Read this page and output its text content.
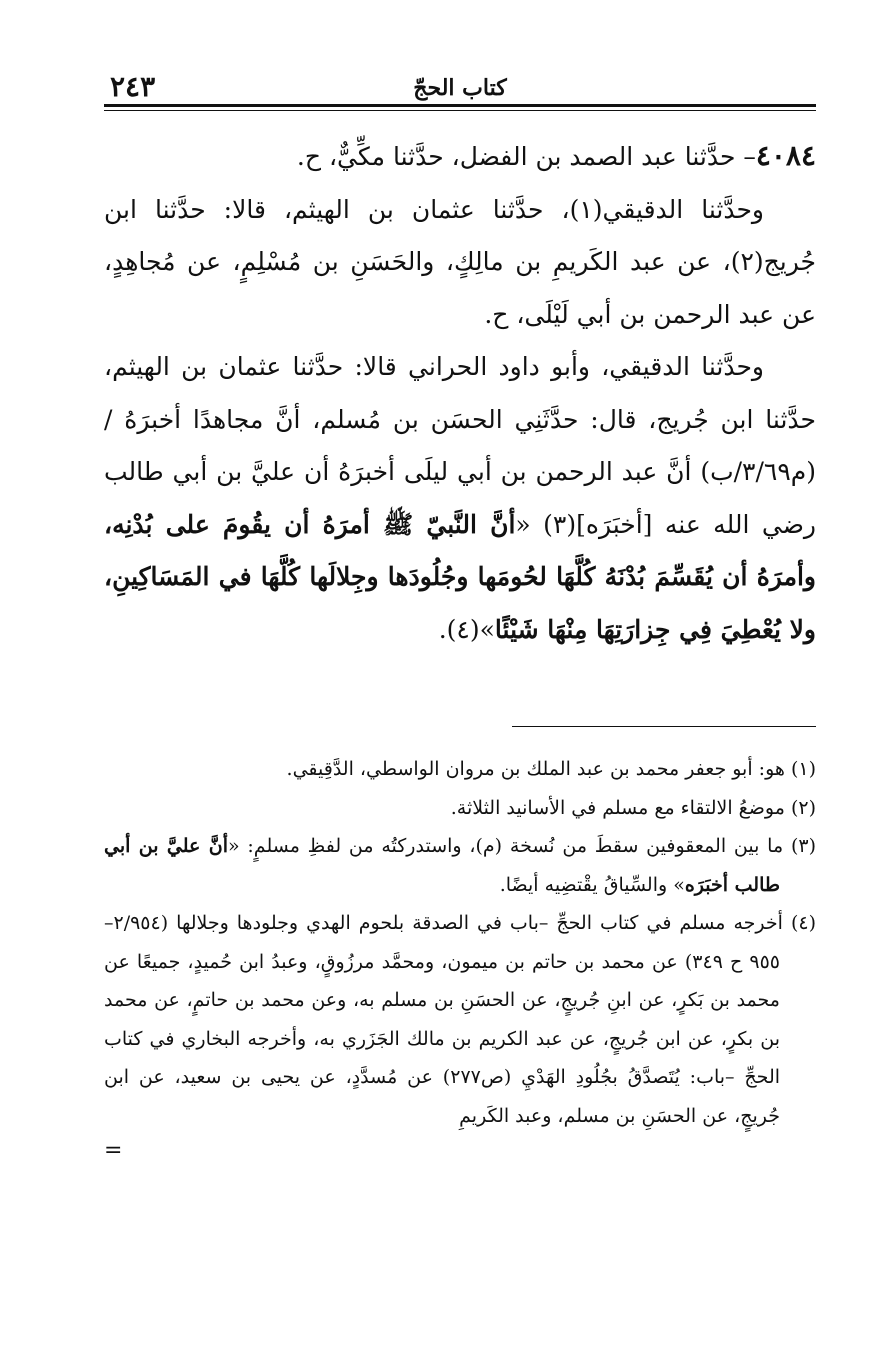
٢٤٣	كتاب الحجّ

٤٠٨٤– حدَّثنا عبد الصمد بن الفضل، حدَّثنا مكِّيٌّ، ح.

وحدَّثنا الدقيقي(١)، حدَّثنا عثمان بن الهيثم، قالا: حدَّثنا ابن جُريج(٢)، عن عبد الكَريمِ بن مالِكٍ، والحَسَنِ بن مُسْلِمٍ، عن مُجاهِدٍ، عن عبد الرحمن بن أبي لَيْلَى، ح.

وحدَّثنا الدقيقي، وأبو داود الحراني قالا: حدَّثنا عثمان بن الهيثم، حدَّثنا ابن جُريج، قال: حدَّثَنِي الحسَن بن مُسلم، أنَّ مجاهدًا أخبرَهُ / (م٣/٦٩/ب) أنَّ عبد الرحمن بن أبي ليلَى أخبرَهُ أن عليَّ بن أبي طالب رضي الله عنه [أخبَرَه](٣) «أنَّ النَّبيّ ﷺ أمرَهُ أن يقُومَ على بُدْنِه، وأمرَهُ أن يُقَسِّمَ بُدْنَهُ كُلَّهَا لحُومَها وجُلُودَها وجِلالَها كُلَّهَا في المَسَاكِينِ، ولا يُعْطِيَ فِي جِزارَتِهَا مِنْهَا شَيْئًا»(٤).

(١) هو: أبو جعفر محمد بن عبد الملك بن مروان الواسطي، الدَّقِيقي.

(٢) موضعُ الالتقاء مع مسلم في الأسانيد الثلاثة.

(٣) ما بين المعقوفين سقطَ من نُسخة (م)، واستدركتُه من لفظِ مسلمٍ: «أنَّ عليَّ بن أبي طالب أخبَرَه» والسِّياقُ يقْتضِيه أيضًا.

(٤) أخرجه مسلم في كتاب الحجِّ –باب في الصدقة بلحوم الهدي وجلودها وجلالها (٢/٩٥٤–٩٥٥ ح ٣٤٩) عن محمد بن حاتم بن ميمون، ومحمَّد مرزُوقٍ، وعبدُ ابن حُميدٍ، جميعًا عن محمد بن بَكرٍ، عن ابنِ جُريجٍ، عن الحسَنِ بن مسلم به، وعن محمد بن حاتمٍ، عن محمد بن بكرٍ، عن ابن جُريجٍ، عن عبد الكريم بن مالك الجَزَري به، وأخرجه البخاري في كتاب الحجِّ –باب: يُتَصدَّقُ بجُلُودِ الهَدْيِ (ص٢٧٧) عن مُسدَّدٍ، عن يحيى بن سعيد، عن ابن جُريجٍ، عن الحسَنِ بن مسلم، وعبد الكَريمِ

=
